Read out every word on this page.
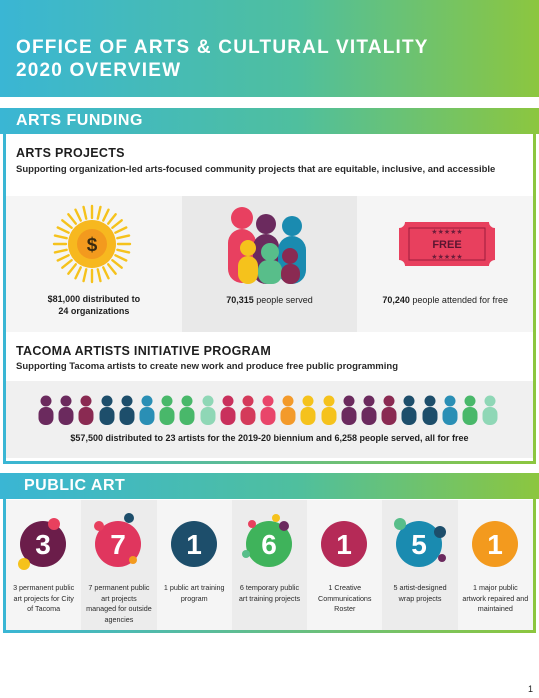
OFFICE OF ARTS & CULTURAL VITALITY
2020 OVERVIEW
ARTS FUNDING
ARTS PROJECTS
Supporting organization-led arts-focused community projects that are equitable, inclusive, and accessible
$
$81,000 distributed to
24 organizations
70,315 people served
★★★★★
FREE
★★★★★
70,240 people attended for free
TACOMA ARTISTS INITIATIVE PROGRAM
Supporting Tacoma artists to create new work and produce free public programming
$57,500 distributed to 23 artists for the 2019-20 biennium and 6,258 people served, all for free
PUBLIC ART
3
3 permanent public art projects for City of Tacoma
7
7 permanent public art projects managed for outside agencies
1
1 public art training program
6
6 temporary public art training projects
1
1 Creative Communications Roster
5
5 artist-designed wrap projects
1
1 major public artwork repaired and maintained
1
